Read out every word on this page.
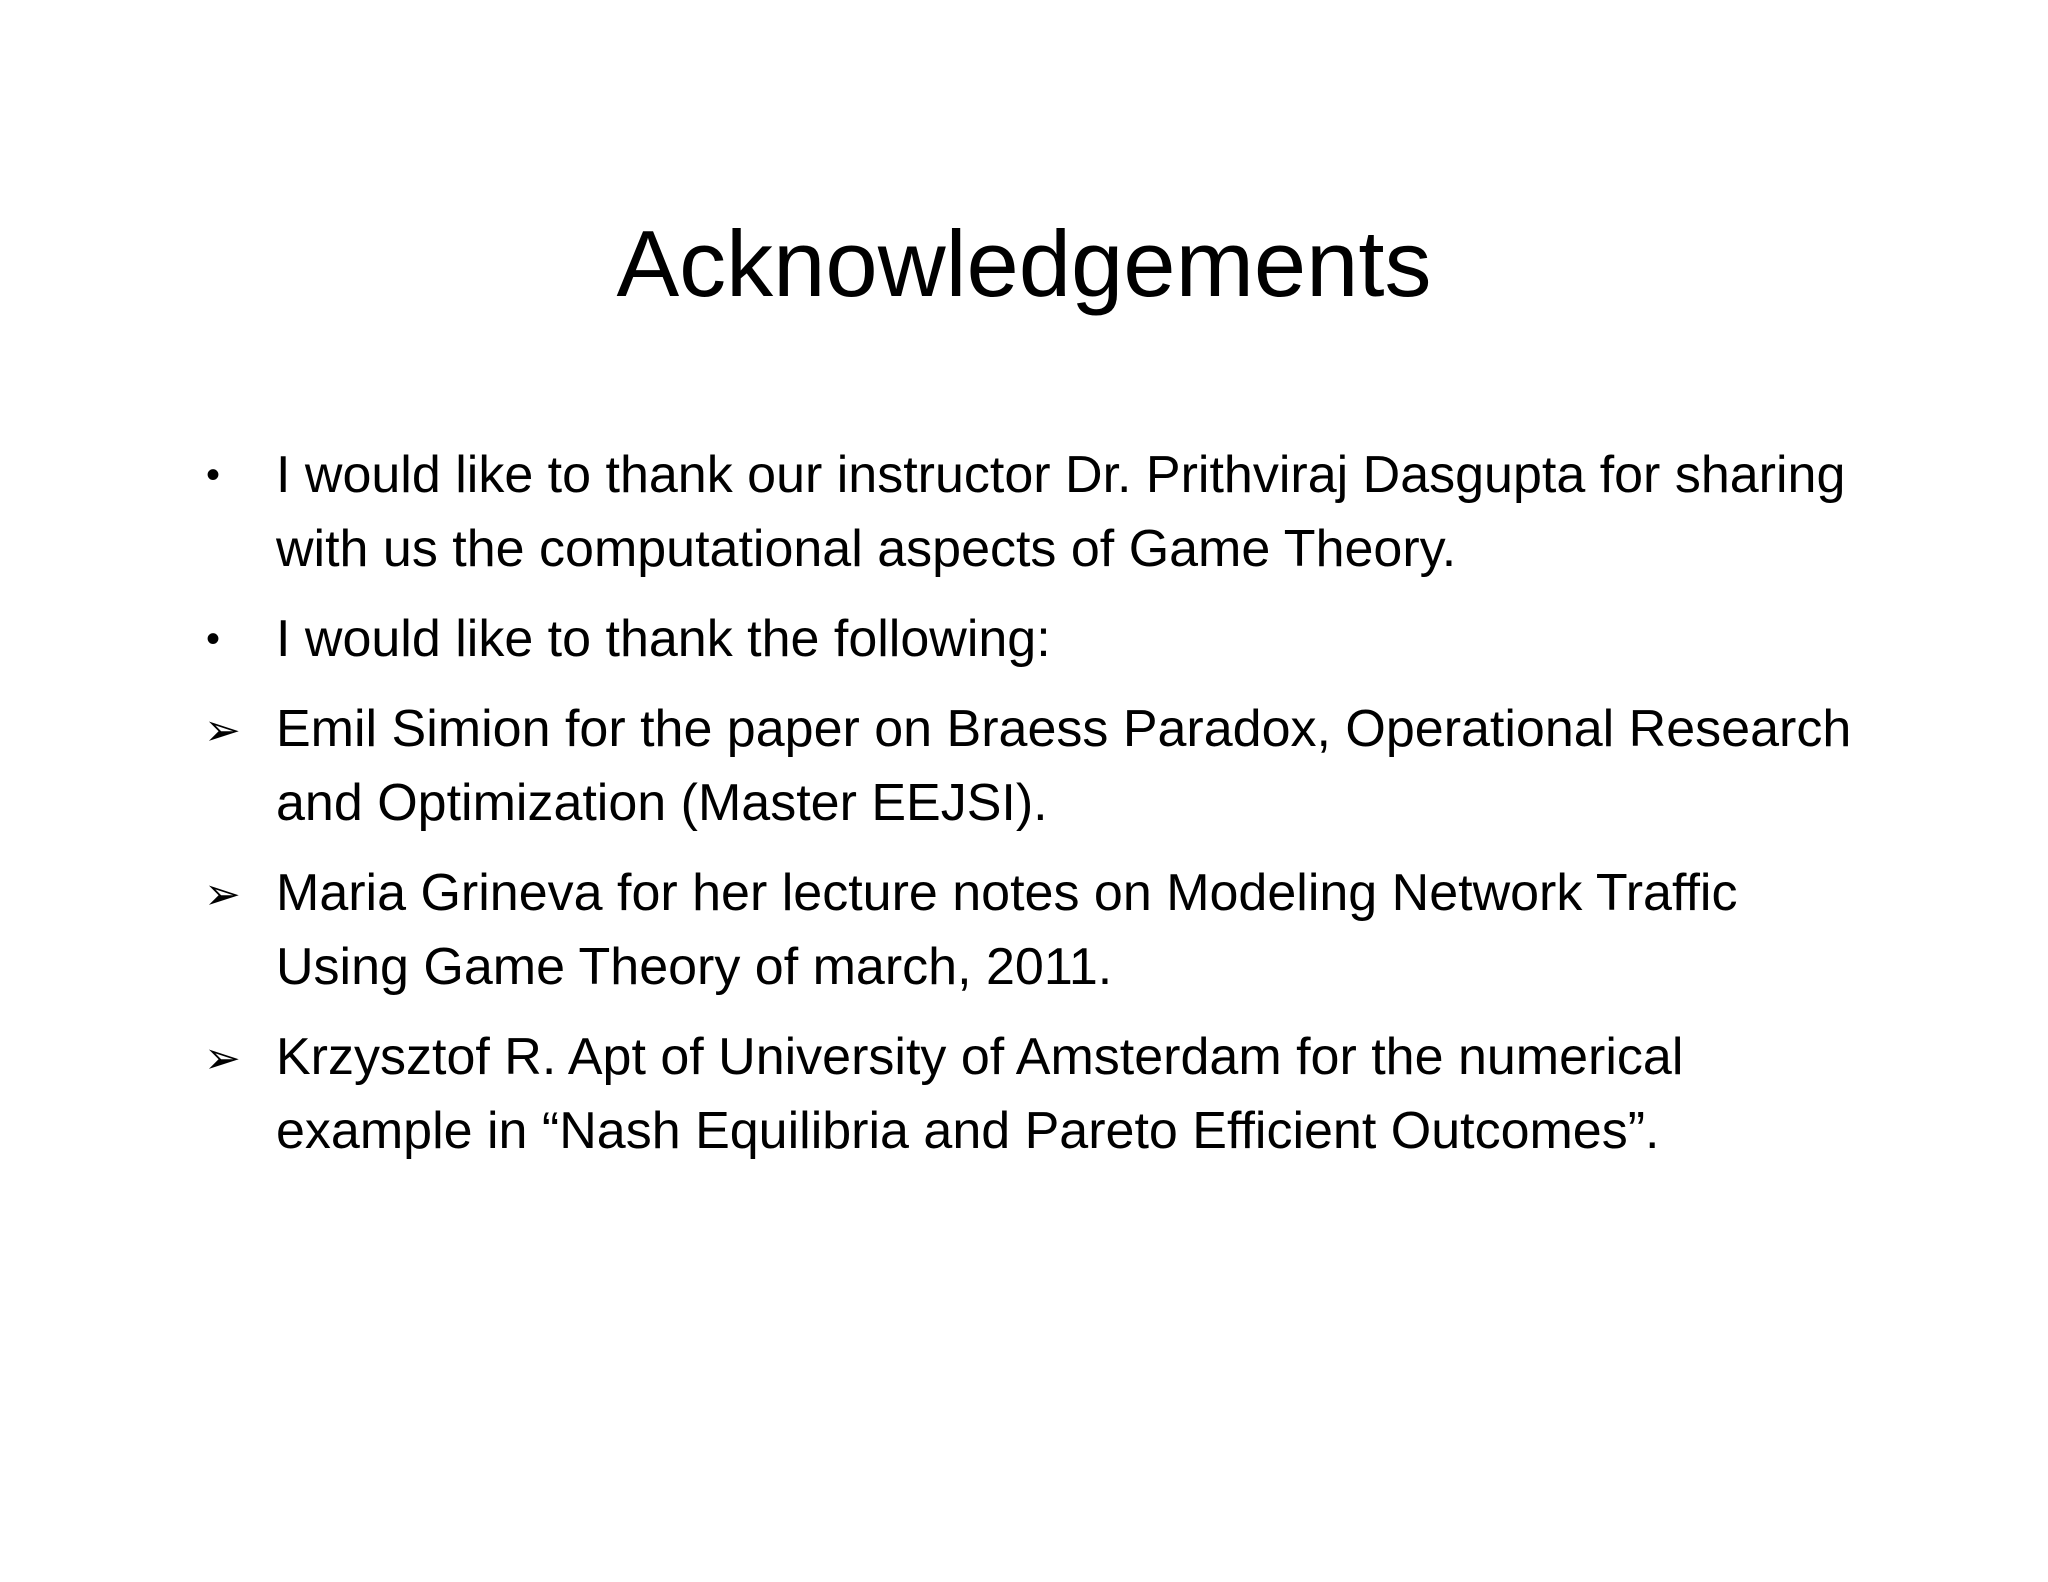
Acknowledgements
•	I would like to thank our instructor Dr. Prithviraj Dasgupta for sharing with us the computational aspects of Game Theory.
•	I would like to thank the following:
➢ Emil Simion for the paper on Braess Paradox, Operational Research and Optimization (Master EEJSI).
➢ Maria Grineva for her lecture notes on Modeling Network Traffic Using Game Theory of march, 2011.
➢ Krzysztof R. Apt of University of Amsterdam for the numerical example in “Nash Equilibria and Pareto Efficient Outcomes”.
